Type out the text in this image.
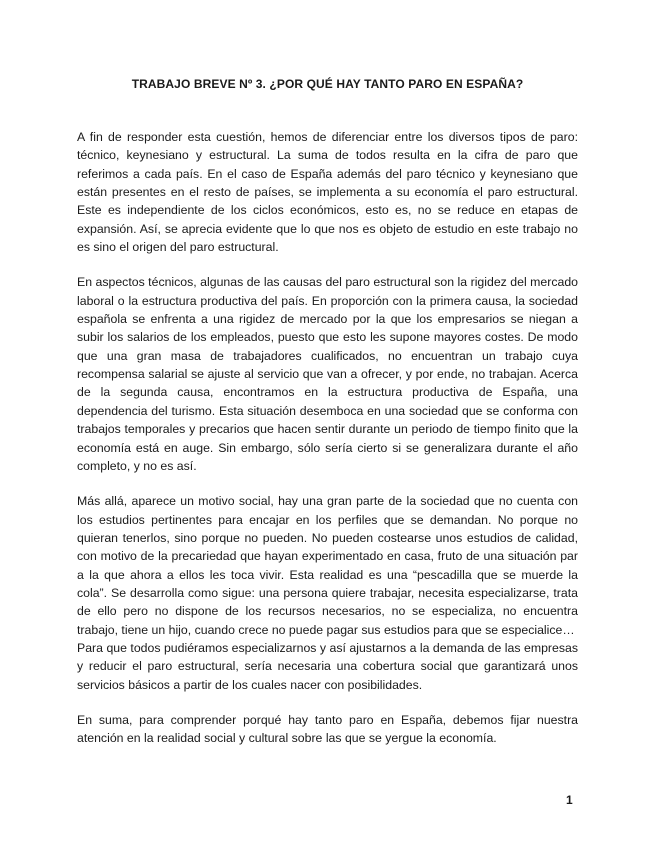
TRABAJO BREVE Nº 3. ¿POR QUÉ HAY TANTO PARO EN ESPAÑA?

A fin de responder esta cuestión, hemos de diferenciar entre los diversos tipos de paro: técnico, keynesiano y estructural. La suma de todos resulta en la cifra de paro que referimos a cada país. En el caso de España además del paro técnico y keynesiano que están presentes en el resto de países, se implementa a su economía el paro estructural. Este es independiente de los ciclos económicos, esto es, no se reduce en etapas de expansión. Así, se aprecia evidente que lo que nos es objeto de estudio en este trabajo no es sino el origen del paro estructural.

En aspectos técnicos, algunas de las causas del paro estructural son la rigidez del mercado laboral o la estructura productiva del país. En proporción con la primera causa, la sociedad española se enfrenta a una rigidez de mercado por la que los empresarios se niegan a subir los salarios de los empleados, puesto que esto les supone mayores costes. De modo que una gran masa de trabajadores cualificados, no encuentran un trabajo cuya recompensa salarial se ajuste al servicio que van a ofrecer, y por ende, no trabajan. Acerca de la segunda causa, encontramos en la estructura productiva de España, una dependencia del turismo. Esta situación desemboca en una sociedad que se conforma con trabajos temporales y precarios que hacen sentir durante un periodo de tiempo finito que la economía está en auge. Sin embargo, sólo sería cierto si se generalizara durante el año completo, y no es así.

Más allá, aparece un motivo social, hay una gran parte de la sociedad que no cuenta con los estudios pertinentes para encajar en los perfiles que se demandan. No porque no quieran tenerlos, sino porque no pueden. No pueden costearse unos estudios de calidad, con motivo de la precariedad que hayan experimentado en casa, fruto de una situación par a la que ahora a ellos les toca vivir. Esta realidad es una “pescadilla que se muerde la cola”. Se desarrolla como sigue: una persona quiere trabajar, necesita especializarse, trata de ello pero no dispone de los recursos necesarios, no se especializa, no encuentra trabajo, tiene un hijo, cuando crece no puede pagar sus estudios para que se especialice…

Para que todos pudiéramos especializarnos y así ajustarnos a la demanda de las empresas y reducir el paro estructural, sería necesaria una cobertura social que garantizará unos servicios básicos a partir de los cuales nacer con posibilidades.

En suma, para comprender porqué hay tanto paro en España, debemos fijar nuestra atención en la realidad social y cultural sobre las que se yergue la economía.

1
